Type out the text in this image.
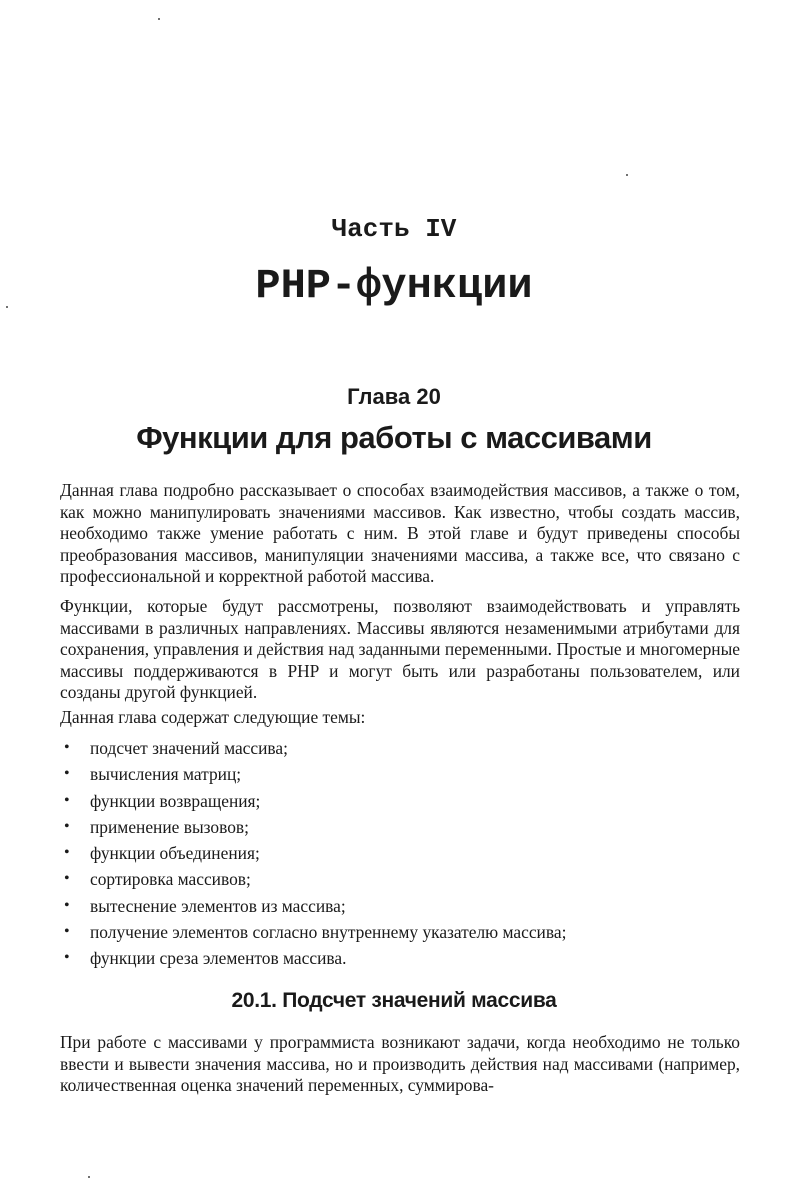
Часть IV
PHP-функции
Глава 20
Функции для работы с массивами

Данная глава подробно рассказывает о способах взаимодействия массивов, а также о том, как можно манипулировать значениями массивов. Как известно, чтобы создать массив, необходимо также умение работать с ним. В этой главе и будут приведены способы преобразования массивов, манипуляции значениями массива, а также все, что связано с профессиональной и корректной работой массива.

Функции, которые будут рассмотрены, позволяют взаимодействовать и управлять массивами в различных направлениях. Массивы являются незаменимыми атрибутами для сохранения, управления и действия над заданными переменными. Простые и многомерные массивы поддерживаются в PHP и могут быть или разработаны пользователем, или созданы другой функцией.

Данная глава содержат следующие темы:

• подсчет значений массива;
• вычисления матриц;
• функции возвращения;
• применение вызовов;
• функции объединения;
• сортировка массивов;
• вытеснение элементов из массива;
• получение элементов согласно внутреннему указателю массива;
• функции среза элементов массива.
20.1. Подсчет значений массива

При работе с массивами у программиста возникают задачи, когда необходимо не только ввести и вывести значения массива, но и производить действия над массивами (например, количественная оценка значений переменных, суммирова-
